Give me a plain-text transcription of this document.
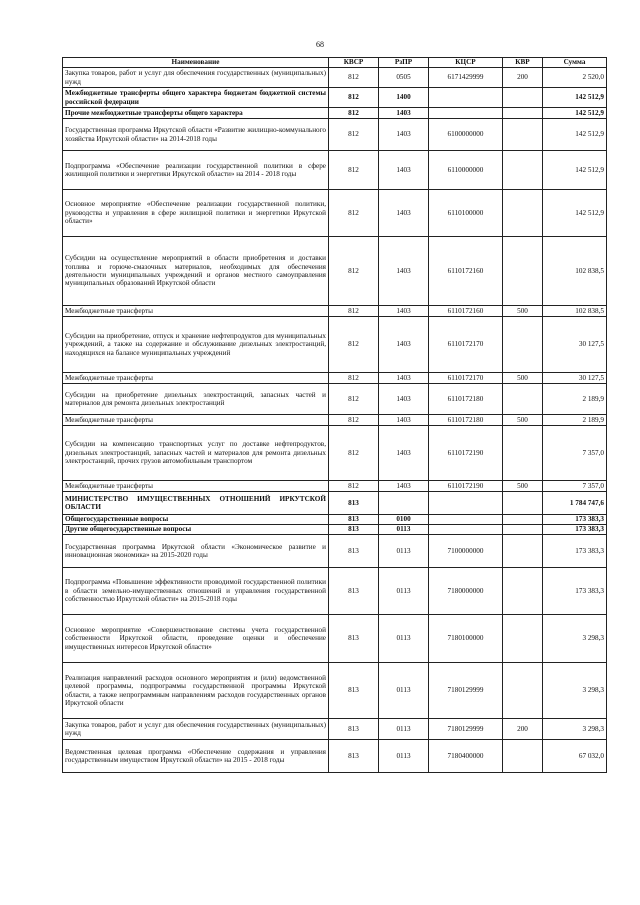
68
Наименование	КВСР	РзПР	КЦСР	КВР	Сумма
Закупка товаров, работ и услуг для обеспечения государственных (муниципальных) нужд	812	0505	6171429999	200	2 520,0
Межбюджетные трансферты общего характера бюджетам бюджетной системы российской федерации	812	1400			142 512,9
Прочие межбюджетные трансферты общего характера	812	1403			142 512,9
Государственная программа Иркутской области «Развитие жилищно-коммунального хозяйства Иркутской области» на 2014-2018 годы	812	1403	6100000000		142 512,9
Подпрограмма «Обеспечение реализации государственной политики в сфере жилищной политики и энергетики Иркутской области» на 2014 - 2018 годы	812	1403	6110000000		142 512,9
Основное мероприятие «Обеспечение реализации государственной политики, руководства и управления в сфере жилищной политики и энергетики Иркутской области»	812	1403	6110100000		142 512,9
Субсидии на осуществление мероприятий в области приобретения и доставки топлива и горюче-смазочных материалов, необходимых для обеспечения деятельности муниципальных учреждений и органов местного самоуправления муниципальных образований Иркутской области	812	1403	6110172160		102 838,5
Межбюджетные трансферты	812	1403	6110172160	500	102 838,5
Субсидии на приобретение, отпуск и хранение нефтепродуктов для муниципальных учреждений, а также на содержание и обслуживание дизельных электростанций, находящихся на балансе муниципальных учреждений	812	1403	6110172170		30 127,5
Межбюджетные трансферты	812	1403	6110172170	500	30 127,5
Субсидии на приобретение дизельных электростанций, запасных частей и материалов для ремонта дизельных электростанций	812	1403	6110172180		2 189,9
Межбюджетные трансферты	812	1403	6110172180	500	2 189,9
Субсидии на компенсацию транспортных услуг по доставке нефтепродуктов, дизельных электростанций, запасных частей и материалов для ремонта дизельных электростанций, прочих грузов автомобильным транспортом	812	1403	6110172190		7 357,0
Межбюджетные трансферты	812	1403	6110172190	500	7 357,0
МИНИСТЕРСТВО ИМУЩЕСТВЕННЫХ ОТНОШЕНИЙ ИРКУТСКОЙ ОБЛАСТИ	813				1 784 747,6
Общегосударственные вопросы	813	0100			173 383,3
Другие общегосударственные вопросы	813	0113			173 383,3
Государственная программа Иркутской области «Экономическое развитие и инновационная экономика» на 2015-2020 годы	813	0113	7100000000		173 383,3
Подпрограмма «Повышение эффективности проводимой государственной политики в области земельно-имущественных отношений и управления государственной собственностью Иркутской области» на 2015-2018 годы	813	0113	7180000000		173 383,3
Основное мероприятие «Совершенствование системы учета государственной собственности Иркутской области, проведение оценки и обеспечение имущественных интересов Иркутской области»	813	0113	7180100000		3 298,3
Реализация направлений расходов основного мероприятия и (или) ведомственной целевой программы, подпрограммы государственной программы Иркутской области, а также непрограммным направлениям расходов государственных органов Иркутской области	813	0113	7180129999		3 298,3
Закупка товаров, работ и услуг для обеспечения государственных (муниципальных) нужд	813	0113	7180129999	200	3 298,3
Ведомственная целевая программа «Обеспечение содержания и управления государственным имуществом Иркутской области» на 2015 - 2018 годы	813	0113	7180400000		67 032,0
